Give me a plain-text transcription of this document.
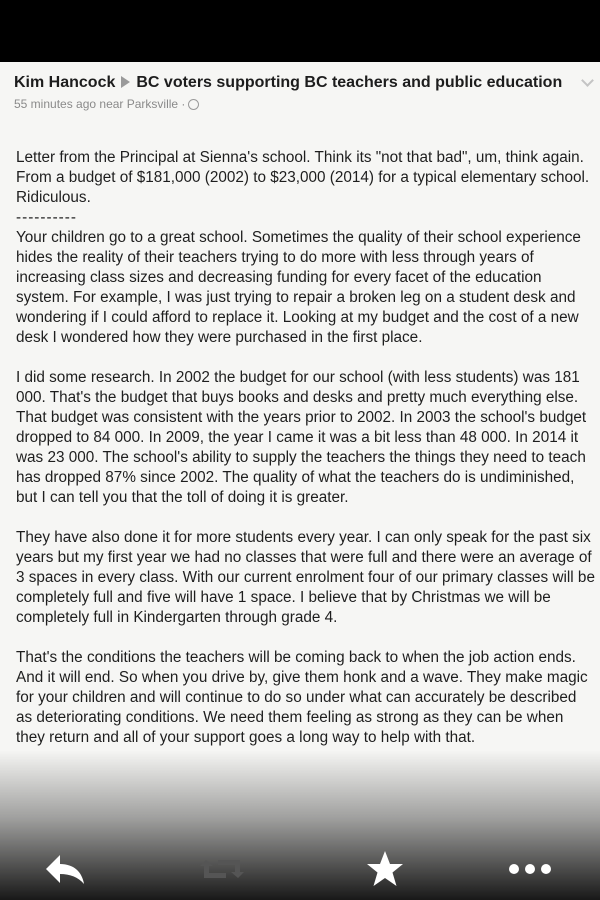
Kim Hancock BC voters supporting BC teachers and public education
55 minutes ago near Parksville ·

Letter from the Principal at Sienna's school. Think its "not that bad", um, think again. From a budget of $181,000 (2002) to $23,000 (2014) for a typical elementary school. Ridiculous.

----------

Your children go to a great school. Sometimes the quality of their school experience hides the reality of their teachers trying to do more with less through years of increasing class sizes and decreasing funding for every facet of the education system. For example, I was just trying to repair a broken leg on a student desk and wondering if I could afford to replace it. Looking at my budget and the cost of a new desk I wondered how they were purchased in the first place.

I did some research. In 2002 the budget for our school (with less students) was 181 000. That's the budget that buys books and desks and pretty much everything else. That budget was consistent with the years prior to 2002. In 2003 the school's budget dropped to 84 000. In 2009, the year I came it was a bit less than 48 000. In 2014 it was 23 000. The school's ability to supply the teachers the things they need to teach has dropped 87% since 2002. The quality of what the teachers do is undiminished, but I can tell you that the toll of doing it is greater.

They have also done it for more students every year. I can only speak for the past six years but my first year we had no classes that were full and there were an average of 3 spaces in every class. With our current enrolment four of our primary classes will be completely full and five will have 1 space. I believe that by Christmas we will be completely full in Kindergarten through grade 4.

That's the conditions the teachers will be coming back to when the job action ends. And it will end. So when you drive by, give them honk and a wave. They make magic for your children and will continue to do so under what can accurately be described as deteriorating conditions. We need them feeling as strong as they can be when they return and all of your support goes a long way to help with that.
